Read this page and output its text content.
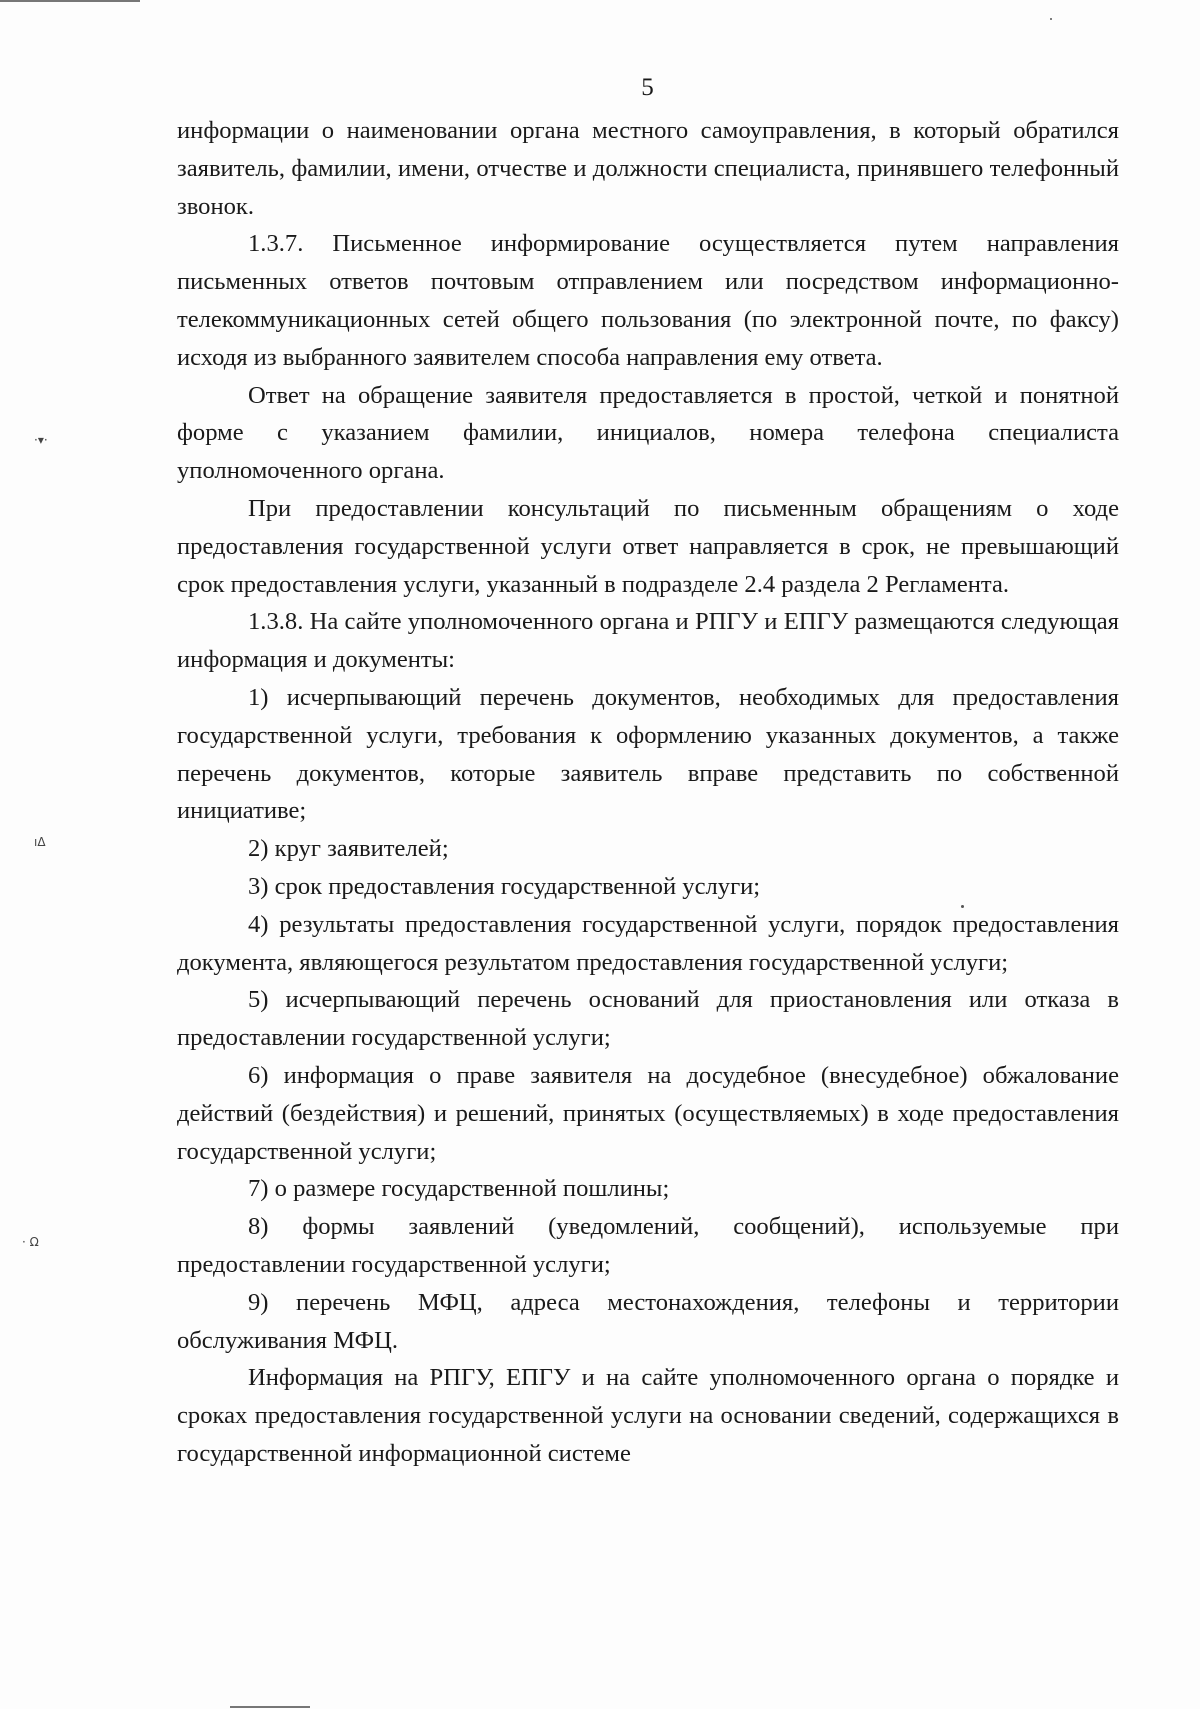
·▾·
ıΔ
· Ω
5

информации о наименовании органа местного самоуправления, в который обратился заявитель, фамилии, имени, отчестве и должности специалиста, принявшего телефонный звонок.

1.3.7. Письменное информирование осуществляется путем направления письменных ответов почтовым отправлением или посредством информационно-телекоммуникационных сетей общего пользования (по электронной почте, по факсу) исходя из выбранного заявителем способа направления ему ответа.

Ответ на обращение заявителя предоставляется в простой, четкой и понятной форме с указанием фамилии, инициалов, номера телефона специалиста уполномоченного органа.

При предоставлении консультаций по письменным обращениям о ходе предоставления государственной услуги ответ направляется в срок, не превышающий срок предоставления услуги, указанный в подразделе 2.4 раздела 2 Регламента.

1.3.8. На сайте уполномоченного органа и РПГУ и ЕПГУ размещаются следующая информация и документы:

1) исчерпывающий перечень документов, необходимых для предоставления государственной услуги, требования к оформлению указанных документов, а также перечень документов, которые заявитель вправе представить по собственной инициативе;

2) круг заявителей;

3) срок предоставления государственной услуги;

4) результаты предоставления государственной услуги, порядок предоставления документа, являющегося результатом предоставления государственной услуги;

5) исчерпывающий перечень оснований для приостановления или отказа в предоставлении государственной услуги;

6) информация о праве заявителя на досудебное (внесудебное) обжалование действий (бездействия) и решений, принятых (осуществляемых) в ходе предоставления государственной услуги;

7) о размере государственной пошлины;

8) формы заявлений (уведомлений, сообщений), используемые при предоставлении государственной услуги;

9) перечень МФЦ, адреса местонахождения, телефоны и территории обслуживания МФЦ.

Информация на РПГУ, ЕПГУ и на сайте уполномоченного органа о порядке и сроках предоставления государственной услуги на основании сведений, содержащихся в государственной информационной системе
